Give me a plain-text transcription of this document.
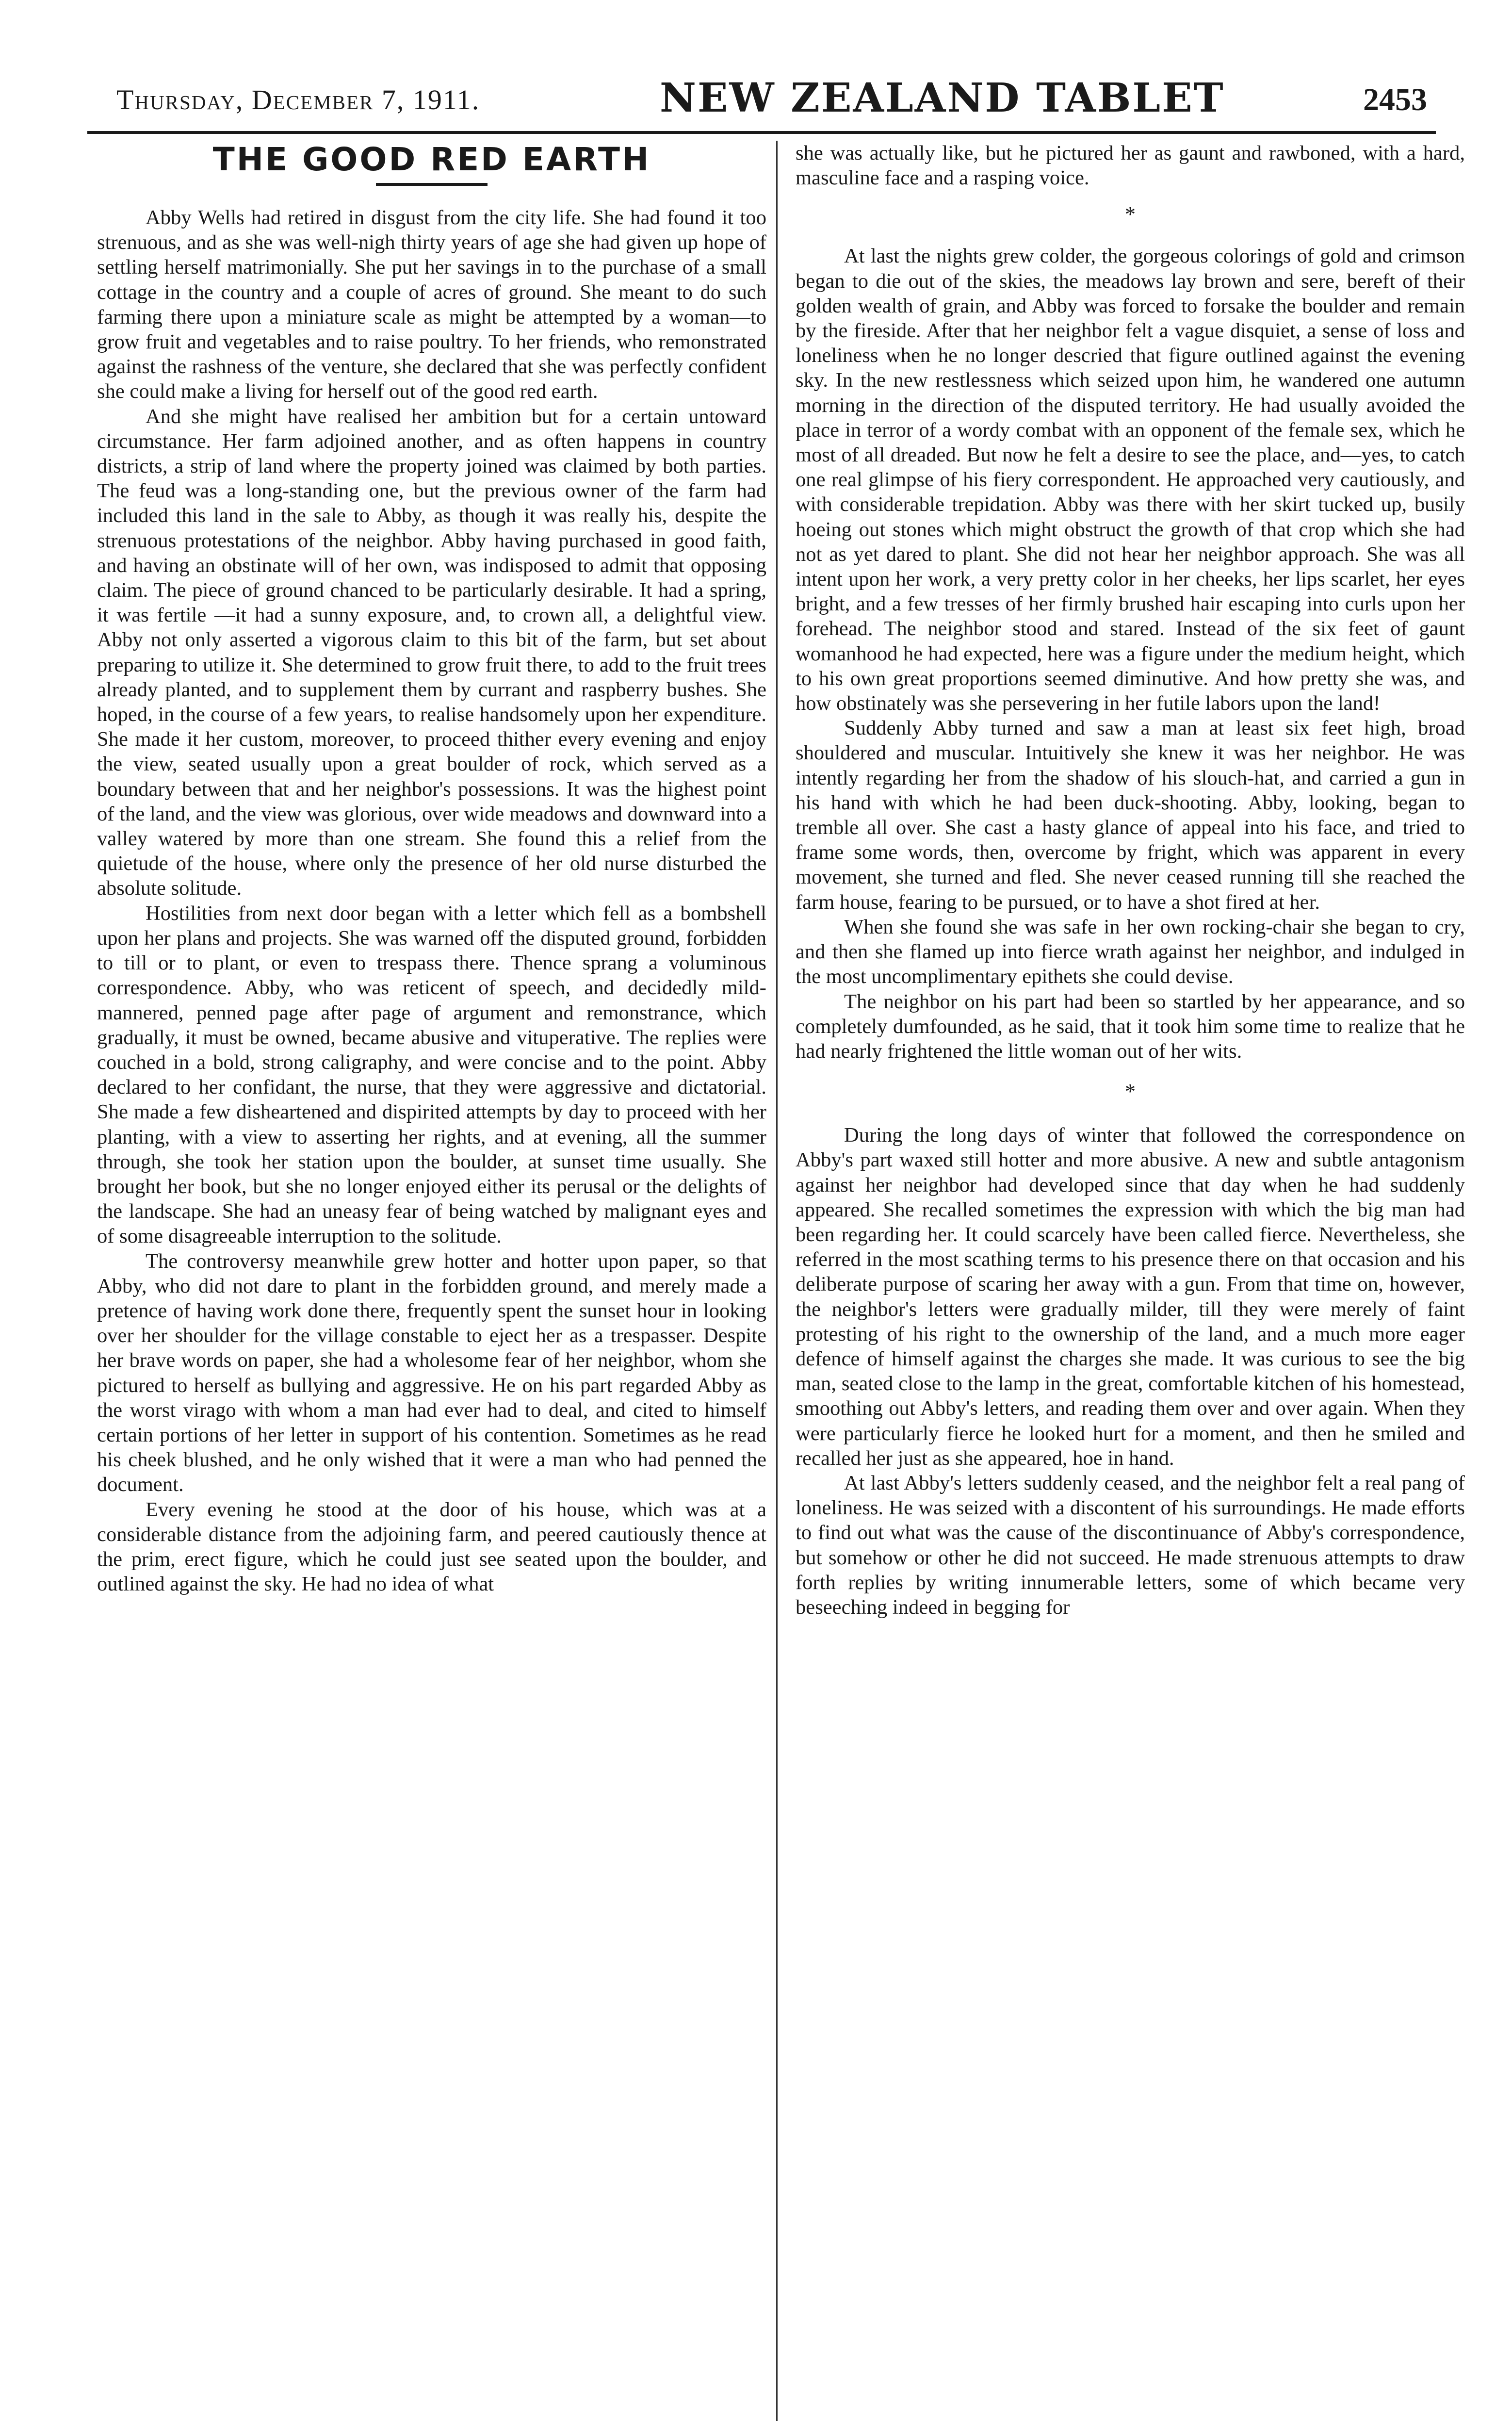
Thursday, December 7, 1911.	NEW ZEALAND TABLET	2453
THE GOOD RED EARTH

Abby Wells had retired in disgust from the city life. She had found it too strenuous, and as she was well-nigh thirty years of age she had given up hope of settling herself matrimonially. She put her savings in to the purchase of a small cottage in the country and a couple of acres of ground. She meant to do such farming there upon a miniature scale as might be attempted by a woman—to grow fruit and vegetables and to raise poultry. To her friends, who remonstrated against the rashness of the venture, she declared that she was perfectly confident she could make a living for herself out of the good red earth.

And she might have realised her ambition but for a certain untoward circumstance. Her farm adjoined another, and as often happens in country districts, a strip of land where the property joined was claimed by both parties. The feud was a long-standing one, but the previous owner of the farm had included this land in the sale to Abby, as though it was really his, despite the strenuous protestations of the neighbor. Abby having purchased in good faith, and having an obstinate will of her own, was indisposed to admit that opposing claim. The piece of ground chanced to be particularly desirable. It had a spring, it was fertile —it had a sunny exposure, and, to crown all, a delightful view. Abby not only asserted a vigorous claim to this bit of the farm, but set about preparing to utilize it. She determined to grow fruit there, to add to the fruit trees already planted, and to supplement them by currant and raspberry bushes. She hoped, in the course of a few years, to realise handsomely upon her expenditure. She made it her custom, moreover, to proceed thither every evening and enjoy the view, seated usually upon a great boulder of rock, which served as a boundary between that and her neighbor's possessions. It was the highest point of the land, and the view was glorious, over wide meadows and downward into a valley watered by more than one stream. She found this a relief from the quietude of the house, where only the presence of her old nurse disturbed the absolute solitude.

Hostilities from next door began with a letter which fell as a bombshell upon her plans and projects. She was warned off the disputed ground, forbidden to till or to plant, or even to trespass there. Thence sprang a voluminous correspondence. Abby, who was reticent of speech, and decidedly mild-mannered, penned page after page of argument and remonstrance, which gradually, it must be owned, became abusive and vituperative. The replies were couched in a bold, strong caligraphy, and were concise and to the point. Abby declared to her confidant, the nurse, that they were aggressive and dictatorial. She made a few disheartened and dispirited attempts by day to proceed with her planting, with a view to asserting her rights, and at evening, all the summer through, she took her station upon the boulder, at sunset time usually. She brought her book, but she no longer enjoyed either its perusal or the delights of the landscape. She had an uneasy fear of being watched by malignant eyes and of some disagreeable interruption to the solitude.

The controversy meanwhile grew hotter and hotter upon paper, so that Abby, who did not dare to plant in the forbidden ground, and merely made a pretence of having work done there, frequently spent the sunset hour in looking over her shoulder for the village constable to eject her as a trespasser. Despite her brave words on paper, she had a wholesome fear of her neighbor, whom she pictured to herself as bullying and aggressive. He on his part regarded Abby as the worst virago with whom a man had ever had to deal, and cited to himself certain portions of her letter in support of his contention. Sometimes as he read his cheek blushed, and he only wished that it were a man who had penned the document.

Every evening he stood at the door of his house, which was at a considerable distance from the adjoining farm, and peered cautiously thence at the prim, erect figure, which he could just see seated upon the boulder, and outlined against the sky. He had no idea of what

she was actually like, but he pictured her as gaunt and rawboned, with a hard, masculine face and a rasping voice.

*

At last the nights grew colder, the gorgeous colorings of gold and crimson began to die out of the skies, the meadows lay brown and sere, bereft of their golden wealth of grain, and Abby was forced to forsake the boulder and remain by the fireside. After that her neighbor felt a vague disquiet, a sense of loss and loneliness when he no longer descried that figure outlined against the evening sky. In the new restlessness which seized upon him, he wandered one autumn morning in the direction of the disputed territory. He had usually avoided the place in terror of a wordy combat with an opponent of the female sex, which he most of all dreaded. But now he felt a desire to see the place, and—yes, to catch one real glimpse of his fiery correspondent. He approached very cautiously, and with considerable trepidation. Abby was there with her skirt tucked up, busily hoeing out stones which might obstruct the growth of that crop which she had not as yet dared to plant. She did not hear her neighbor approach. She was all intent upon her work, a very pretty color in her cheeks, her lips scarlet, her eyes bright, and a few tresses of her firmly brushed hair escaping into curls upon her forehead. The neighbor stood and stared. Instead of the six feet of gaunt womanhood he had expected, here was a figure under the medium height, which to his own great proportions seemed diminutive. And how pretty she was, and how obstinately was she persevering in her futile labors upon the land!

Suddenly Abby turned and saw a man at least six feet high, broad shouldered and muscular. Intuitively she knew it was her neighbor. He was intently regarding her from the shadow of his slouch-hat, and carried a gun in his hand with which he had been duck-shooting. Abby, looking, began to tremble all over. She cast a hasty glance of appeal into his face, and tried to frame some words, then, overcome by fright, which was apparent in every movement, she turned and fled. She never ceased running till she reached the farm house, fearing to be pursued, or to have a shot fired at her.

When she found she was safe in her own rocking-chair she began to cry, and then she flamed up into fierce wrath against her neighbor, and indulged in the most uncomplimentary epithets she could devise.

The neighbor on his part had been so startled by her appearance, and so completely dumfounded, as he said, that it took him some time to realize that he had nearly frightened the little woman out of her wits.

*

During the long days of winter that followed the correspondence on Abby's part waxed still hotter and more abusive. A new and subtle antagonism against her neighbor had developed since that day when he had suddenly appeared. She recalled sometimes the expression with which the big man had been regarding her. It could scarcely have been called fierce. Nevertheless, she referred in the most scathing terms to his presence there on that occasion and his deliberate purpose of scaring her away with a gun. From that time on, however, the neighbor's letters were gradually milder, till they were merely of faint protesting of his right to the ownership of the land, and a much more eager defence of himself against the charges she made. It was curious to see the big man, seated close to the lamp in the great, comfortable kitchen of his homestead, smoothing out Abby's letters, and reading them over and over again. When they were particularly fierce he looked hurt for a moment, and then he smiled and recalled her just as she appeared, hoe in hand.

At last Abby's letters suddenly ceased, and the neighbor felt a real pang of loneliness. He was seized with a discontent of his surroundings. He made efforts to find out what was the cause of the discontinuance of Abby's correspondence, but somehow or other he did not succeed. He made strenuous attempts to draw forth replies by writing innumerable letters, some of which became very beseeching indeed in begging for
